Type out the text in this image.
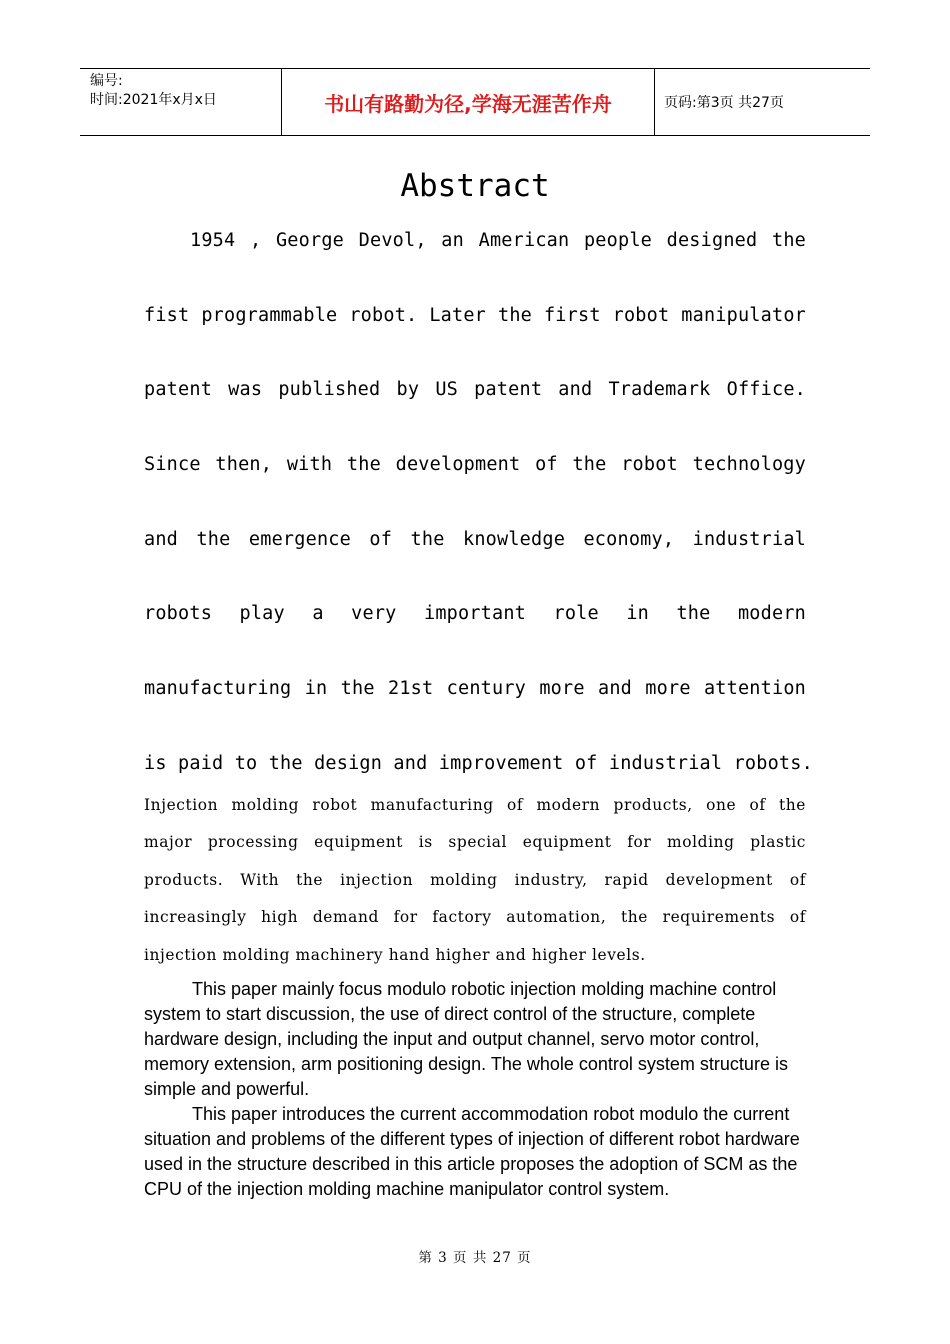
编号:
时间:2021年x月x日	书山有路勤为径,学海无涯苦作舟	页码:第3页 共27页
Abstract
1954 , George Devol, an American people designed the
fist programmable robot. Later the first robot manipulator
patent was published by US patent and Trademark Office.
Since then, with the development of the robot technology
and the emergence of the knowledge economy, industrial
robots play a very important role in the modern
manufacturing in the 21st century more and more attention
is paid to the design and improvement of industrial robots.
Injection molding robot manufacturing of modern products, one of the
major processing equipment is special equipment for molding plastic
products. With the injection molding industry, rapid development of
increasingly high demand for factory automation, the requirements of
injection molding machinery hand higher and higher levels.

This paper mainly focus modulo robotic injection molding machine control system to start discussion, the use of direct control of the structure, complete hardware design, including the input and output channel, servo motor control, memory extension, arm positioning design. The whole control system structure is simple and powerful.

This paper introduces the current accommodation robot modulo the current situation and problems of the different types of injection of different robot hardware used in the structure described in this article proposes the adoption of SCM as the CPU of the injection molding machine manipulator control system.

第 3 页 共 27 页
